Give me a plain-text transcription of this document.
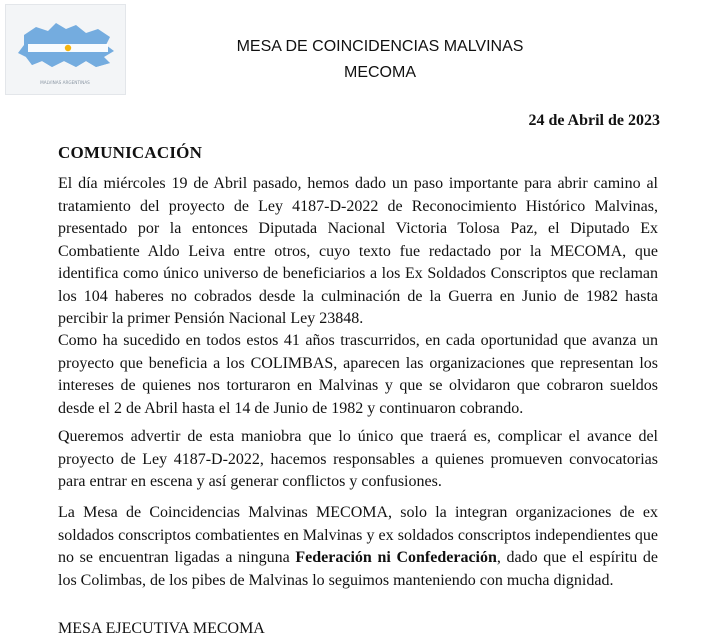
MALVINAS ARGENTINAS
MESA DE COINCIDENCIAS MALVINAS
MECOMA
24 de Abril de 2023
COMUNICACIÓN
El día miércoles 19 de Abril pasado, hemos dado un paso importante para abrir camino al tratamiento del proyecto de Ley 4187-D-2022 de Reconocimiento Histórico Malvinas, presentado por la entonces Diputada Nacional Victoria Tolosa Paz, el Diputado Ex Combatiente Aldo Leiva entre otros, cuyo texto fue redactado por la MECOMA, que identifica como único universo de beneficiarios a los Ex Soldados Conscriptos que reclaman los 104 haberes no cobrados desde la culminación de la Guerra en Junio de 1982 hasta percibir la primer Pensión Nacional Ley 23848.
Como ha sucedido en todos estos 41 años trascurridos, en cada oportunidad que avanza un proyecto que beneficia a los COLIMBAS, aparecen las organizaciones que representan los intereses de quienes nos torturaron en Malvinas y que se olvidaron que cobraron sueldos desde el 2 de Abril hasta el 14 de Junio de 1982 y continuaron cobrando.
Queremos advertir de esta maniobra que lo único que traerá es, complicar el avance del proyecto de Ley 4187-D-2022, hacemos responsables a quienes promueven convocatorias para entrar en escena y así generar conflictos y confusiones.
La Mesa de Coincidencias Malvinas MECOMA, solo la integran organizaciones de ex soldados conscriptos combatientes en Malvinas y ex soldados conscriptos independientes que no se encuentran ligadas a ninguna Federación ni Confederación, dado que el espíritu de los Colimbas, de los pibes de Malvinas lo seguimos manteniendo con mucha dignidad.
MESA EJECUTIVA MECOMA
